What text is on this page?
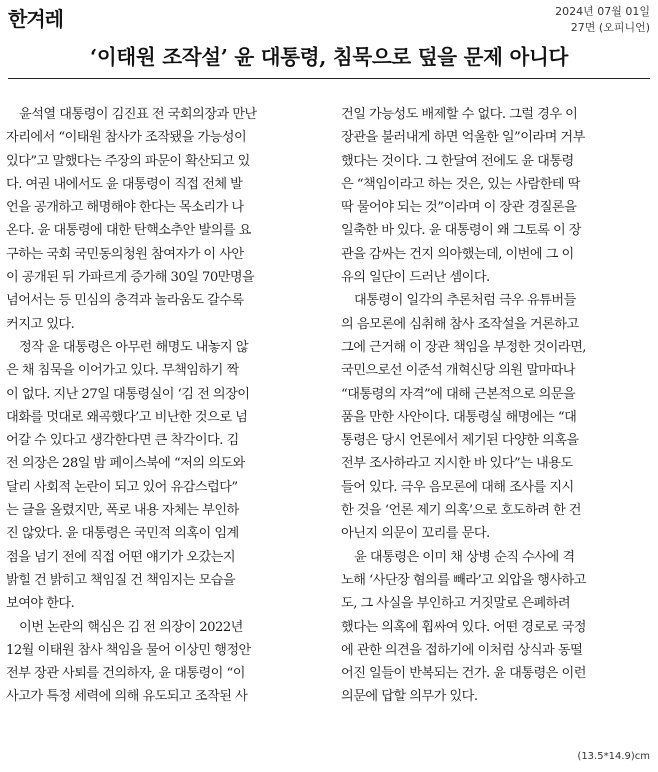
한겨레	2024년 07월 01일
27면 (오피니언)
‘이태원 조작설’ 윤 대통령, 침묵으로 덮을 문제 아니다
윤석열 대통령이 김진표 전 국회의장과 만난
자리에서 “이태원 참사가 조작됐을 가능성이
있다”고 말했다는 주장의 파문이 확산되고 있
다. 여권 내에서도 윤 대통령이 직접 전체 발
언을 공개하고 해명해야 한다는 목소리가 나
온다. 윤 대통령에 대한 탄핵소추안 발의를 요
구하는 국회 국민동의청원 참여자가 이 사안
이 공개된 뒤 가파르게 증가해 30일 70만명을
넘어서는 등 민심의 충격과 놀라움도 갈수록
커지고 있다.
정작 윤 대통령은 아무런 해명도 내놓지 않
은 채 침묵을 이어가고 있다. 무책임하기 짝
이 없다. 지난 27일 대통령실이 ‘김 전 의장이
대화를 멋대로 왜곡했다’고 비난한 것으로 넘
어갈 수 있다고 생각한다면 큰 착각이다. 김
전 의장은 28일 밤 페이스북에 “저의 의도와
달리 사회적 논란이 되고 있어 유감스럽다”
는 글을 올렸지만, 폭로 내용 자체는 부인하
진 않았다. 윤 대통령은 국민적 의혹이 임계
점을 넘기 전에 직접 어떤 얘기가 오갔는지
밝힐 건 밝히고 책임질 건 책임지는 모습을
보여야 한다.
이번 논란의 핵심은 김 전 의장이 2022년
12월 이태원 참사 책임을 물어 이상민 행정안
전부 장관 사퇴를 건의하자, 윤 대통령이 “이
사고가 특정 세력에 의해 유도되고 조작된 사
건일 가능성도 배제할 수 없다. 그럴 경우 이
장관을 불러내게 하면 억울한 일”이라며 거부
했다는 것이다. 그 한달여 전에도 윤 대통령
은 “책임이라고 하는 것은, 있는 사람한테 딱
딱 물어야 되는 것”이라며 이 장관 경질론을
일축한 바 있다. 윤 대통령이 왜 그토록 이 장
관을 감싸는 건지 의아했는데, 이번에 그 이
유의 일단이 드러난 셈이다.
대통령이 일각의 추론처럼 극우 유튜버들
의 음모론에 심취해 참사 조작설을 거론하고
그에 근거해 이 장관 책임을 부정한 것이라면,
국민으로선 이준석 개혁신당 의원 말마따나
“대통령의 자격”에 대해 근본적으로 의문을
품을 만한 사안이다. 대통령실 해명에는 “대
통령은 당시 언론에서 제기된 다양한 의혹을
전부 조사하라고 지시한 바 있다”는 내용도
들어 있다. 극우 음모론에 대해 조사를 지시
한 것을 ‘언론 제기 의혹’으로 호도하려 한 건
아닌지 의문이 꼬리를 문다.
윤 대통령은 이미 채 상병 순직 수사에 격
노해 ‘사단장 혐의를 빼라’고 외압을 행사하고
도, 그 사실을 부인하고 거짓말로 은폐하려
했다는 의혹에 휩싸여 있다. 어떤 경로로 국정
에 관한 의견을 접하기에 이처럼 상식과 동떨
어진 일들이 반복되는 건가. 윤 대통령은 이런
의문에 답할 의무가 있다.
(13.5*14.9)cm
